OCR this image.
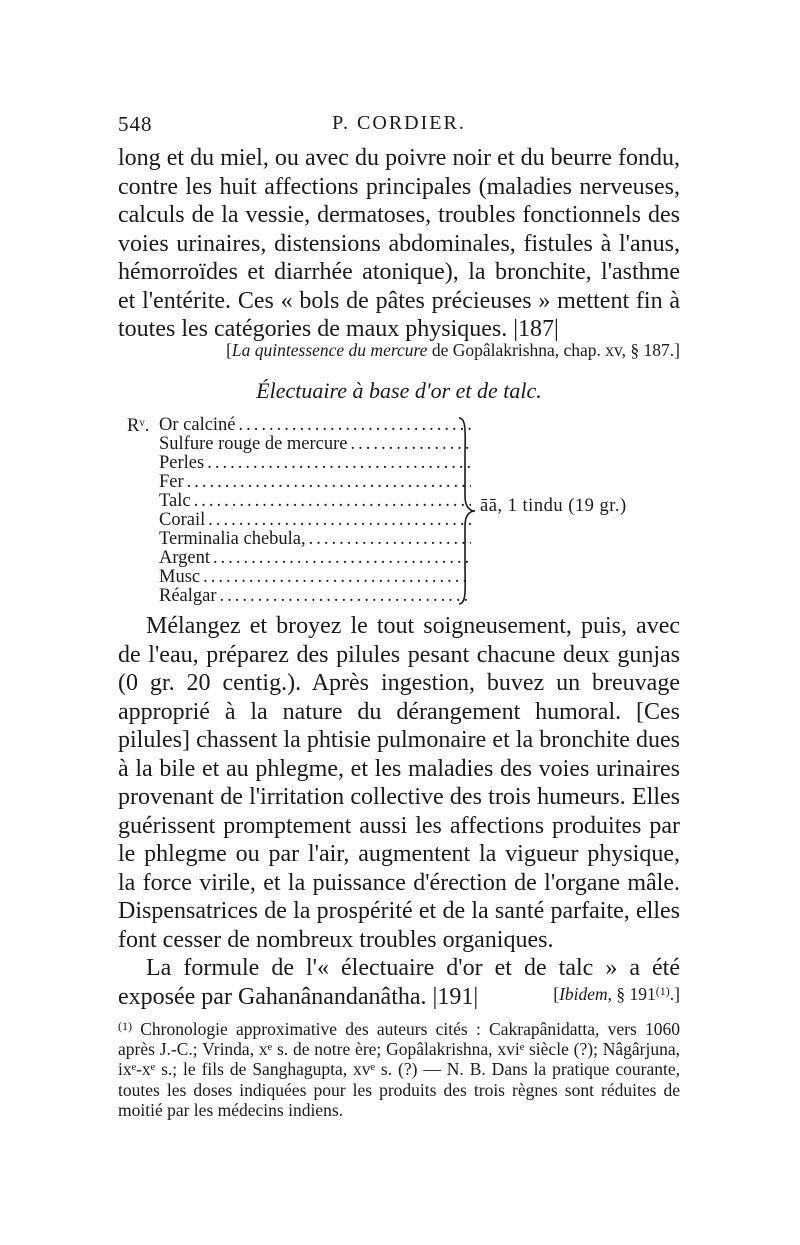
548	P. CORDIER.

long et du miel, ou avec du poivre noir et du beurre fondu, contre les huit affections principales (maladies nerveuses, calculs de la vessie, dermatoses, troubles fonctionnels des voies urinaires, distensions abdominales, fistules à l'anus, hémorroïdes et diarrhée atonique), la bronchite, l'asthme et l'entérite. Ces « bols de pâtes précieuses » mettent fin à toutes les catégories de maux physiques. |187|

[La quintessence du mercure de Gopâlakrishna, chap. xv, § 187.]
Électuaire à base d'or et de talc.
Rᵛ. Or calciné
.....
Sulfure rouge de mercure
.....
Perles
.....
Fer
.....
Talc
.....
Corail
.....
Terminalia chebula,
.....
Argent
.....
Musc
.....
Réalgar
.....
āā, 1 tindu (19 gr.)

Mélangez et broyez le tout soigneusement, puis, avec de l'eau, préparez des pilules pesant chacune deux gunjas (0 gr. 20 centig.). Après ingestion, buvez un breuvage approprié à la nature du dérangement humoral. [Ces pilules] chassent la phtisie pulmonaire et la bronchite dues à la bile et au phlegme, et les maladies des voies urinaires provenant de l'irritation collective des trois humeurs. Elles guérissent promptement aussi les affections produites par le phlegme ou par l'air, augmentent la vigueur physique, la force virile, et la puissance d'érection de l'organe mâle. Dispensatrices de la prospérité et de la santé parfaite, elles font cesser de nombreux troubles organiques.

La formule de l'« électuaire d'or et de talc » a été exposée par Gahanânandanâtha. |191|	[Ibidem, § 191$^{(1)}$.]
$^{(1)}$ Chronologie approximative des auteurs cités : Cakrapânidatta, vers 1060 après J.-C.; Vrinda, xᵉ s. de notre ère; Gopâlakrishna, xviᵉ siècle (?); Nâgârjuna, ixᵉ-xᵉ s.; le fils de Sanghagupta, xvᵉ s. (?) — N. B. Dans la pratique courante, toutes les doses indiquées pour les produits des trois règnes sont réduites de moitié par les médecins indiens.
